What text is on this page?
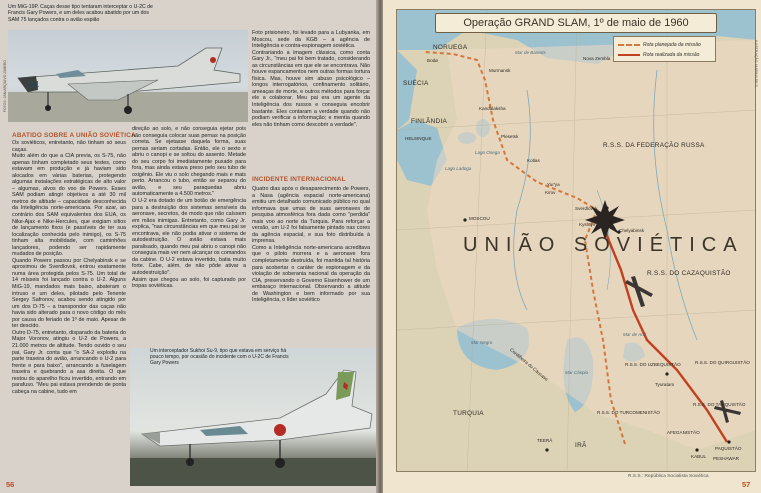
Um MiG-19P. Caças desse tipo tentaram interceptar o U-2C de Francis Gary Powers, e um deles acabou abatido por um dos SAM 75 lançados contra o avião espião
04
FOTOS: JAN/ARQUIVO ZIMBRO
ABATIDO SOBRE A UNIÃO SOVIÉTICA

Os soviéticos, entretanto, não tinham só seus caças.

Muito além do que a CIA previa, os S-75, não apenas tinham completado seus testes, como estavam em produção e já haviam sido alocados em várias baterias, protegendo algumas instalações estratégicas de alto valor – algumas, alvos do voo de Powers. Esses SAM podiam atingir objetivos a até 30 mil metros de altitude – capacidade desconhecida da Inteligência norte-americana. Por azar, ao contrário dos SAM equivalentes dos EUA, os Nike-Ajax e Nike-Hercules, que exigiam sítios de lançamento fixos (e passíveis de ter sua localização conhecida pelo inimigo), os S-75 tinham alta mobilidade, com caminhões lançadores, podendo ser rapidamente mudados de posição.

Quando Powers passou por Chelyabinsk e se aproximou de Sverdlovsk, entrou exatamente numa área protegida pelos S-75. Um total de 14 mísseis foi lançado contra o U-2. Alguns MiG-19, mandados mais baixo, abateram o intruso e um deles, pilotado pelo Tenente Sergey Safronov, acabou sendo atingido por um dos D-75 – a transpondor das caças não havia sido alterado para o novo código do mês por causa do feriado de 1º de maio. Apesar de ter descido.

Outro D-75, entretanto, disparado da bateria do Major Voronov, atingiu o U-2 de Powers, a 21.000 metros de altitude. Tendo ouvido o seu pai, Gary Jr. conta que "o SA-2 explodiu na parte traseira do avião, arrancando o U-2 para frente e para baixo", arrancando a fuselagem traseira e quebrando a asa direita. O que restou do aparelho ficou invertido, entrando em parafuso. "Meu pai estava prendendo de ponta cabeça na cabine, tudo em

direção ao solo, e não conseguia ejetar pois não conseguia colocar suas pernas na posição correta. Se ejetasse daquela forma, suas pernas seriam cortadas. Então, ele o sexto e abriu o canopi e se soltou do assento. Metade do seu corpo foi imediatamente puxado para fora, mas ainda estava preso pelo seu tubo de oxigênio. Ele viu o solo chegando mais e mais perto. Arrancou o tubo, então se separou do avião, e seu paraquedas abriu automaticamente a 4.500 metros."

O U-2 era dotado de um botão de emergência para a destruição dos sistemas sensíveis da aeronave, secretos, de modo que não caíssem em mãos inimigas. Entretanto, como Gary Jr. explica, "nas circunstâncias em que meu pai se encontrava, ele não podia ativar o sistema de autodestruição. O avião estava mais paralisado, quando meu pai abriu o canopi não conseguia mais ver nem alcançar os comandos da cabine. O U-2 estava invertido, batia muito forte. Cabe, além, de não pôde ativar a autodestruição".

Assim que chegou ao solo, foi capturado por tropas soviéticas.

Foto prisioneiro, foi levado para a Lubyanka, em Moscou, sede da KGB – a agência de Inteligência e contra-espionagem soviética.

Contrariando a imagem clássica, como conta Gary Jr., "meu pai foi bem tratado, considerando as circunstâncias em que ele se encontrava. Não houve espancamentos nem outras formas tortura física. Mas, houve sim abuso psicológico – longos interrogatórios, confinamento solitário, ameaças de morte, e outros métodos para forçar ele a colaborar. Meu pai era um agente da Inteligência dos russos e conseguia encobrir bastante. Eles contaram a verdade quando não podiam verificar a informação; e mentia quando eles não tinham como descobrir a verdade".

INCIDENTE INTERNACIONAL

Quatro dias após o desaparecimento de Powers, a Nasa (agência espacial norte-americana) emitiu um detalhado comunicado público no qual informava que umas de suas aeronaves de pesquisa atmosférica fora dada como "perdida" mais voo ao norte da Turquia. Para reforçar a versão, um U-2 foi falsamente pintado nas cores da agência espacial, e sua foto distribuída à imprensa.

Como a Inteligência norte-americana acreditava que o piloto morrera e a aeronave fora completamente destruída, foi mantida tal história para acobertar o caráter de espionagem e da violação de soberania nacional da operação da CIA, preservando o Governo Eisenhower de um embaraço internacional. Observando a atitude de Washington e bem informado por sua Inteligência, o líder soviético

Um interceptador Sukhoi Su-9, tipo que estava em serviço há pouco tempo, por ocasião do incidente com o U-2C de Francis Gary Powers
56
Operação GRAND SLAM, 1º de maio de 1960
Rota planejada da missão
Rota realizada da missão
NORUEGA
Bodø
Mar de Barents
Nova Zembla
SUÉCIA
FINLÂNDIA
HELSINQUE
Murmansk
Kandalaksha
Plesetsk
Kotlas
Lago Onega
Lago Ladoga
Kirov
Yur'ya
MOSCOU
Sverdlovsk
Kyshtym
Chelyabinsk
R.S.S. DA FEDERAÇÃO RUSSA
UNIÃO SOVIÉTICA
R.S.S. DO CAZAQUISTÃO
Tyuratam
Mar Negro
Mar Cáspio
Mar de Aral
Cordilheira do Cáucaso
TURQUIA
TEERÃ
IRÃ
AFEGANISTÃO
KABUL PESHAWAR
PAQUISTÃO
R.S.S. DO UZBEQUISTÃO
R.S.S. DO TURCOMENISTÃO
R.S.S. DO QUIRGUISTÃO
R.S.S. DO TAJIQUISTÃO
ILUSTRAÇÃO: MARINA DE S.
R.S.S.: República Socialista Soviética
57
